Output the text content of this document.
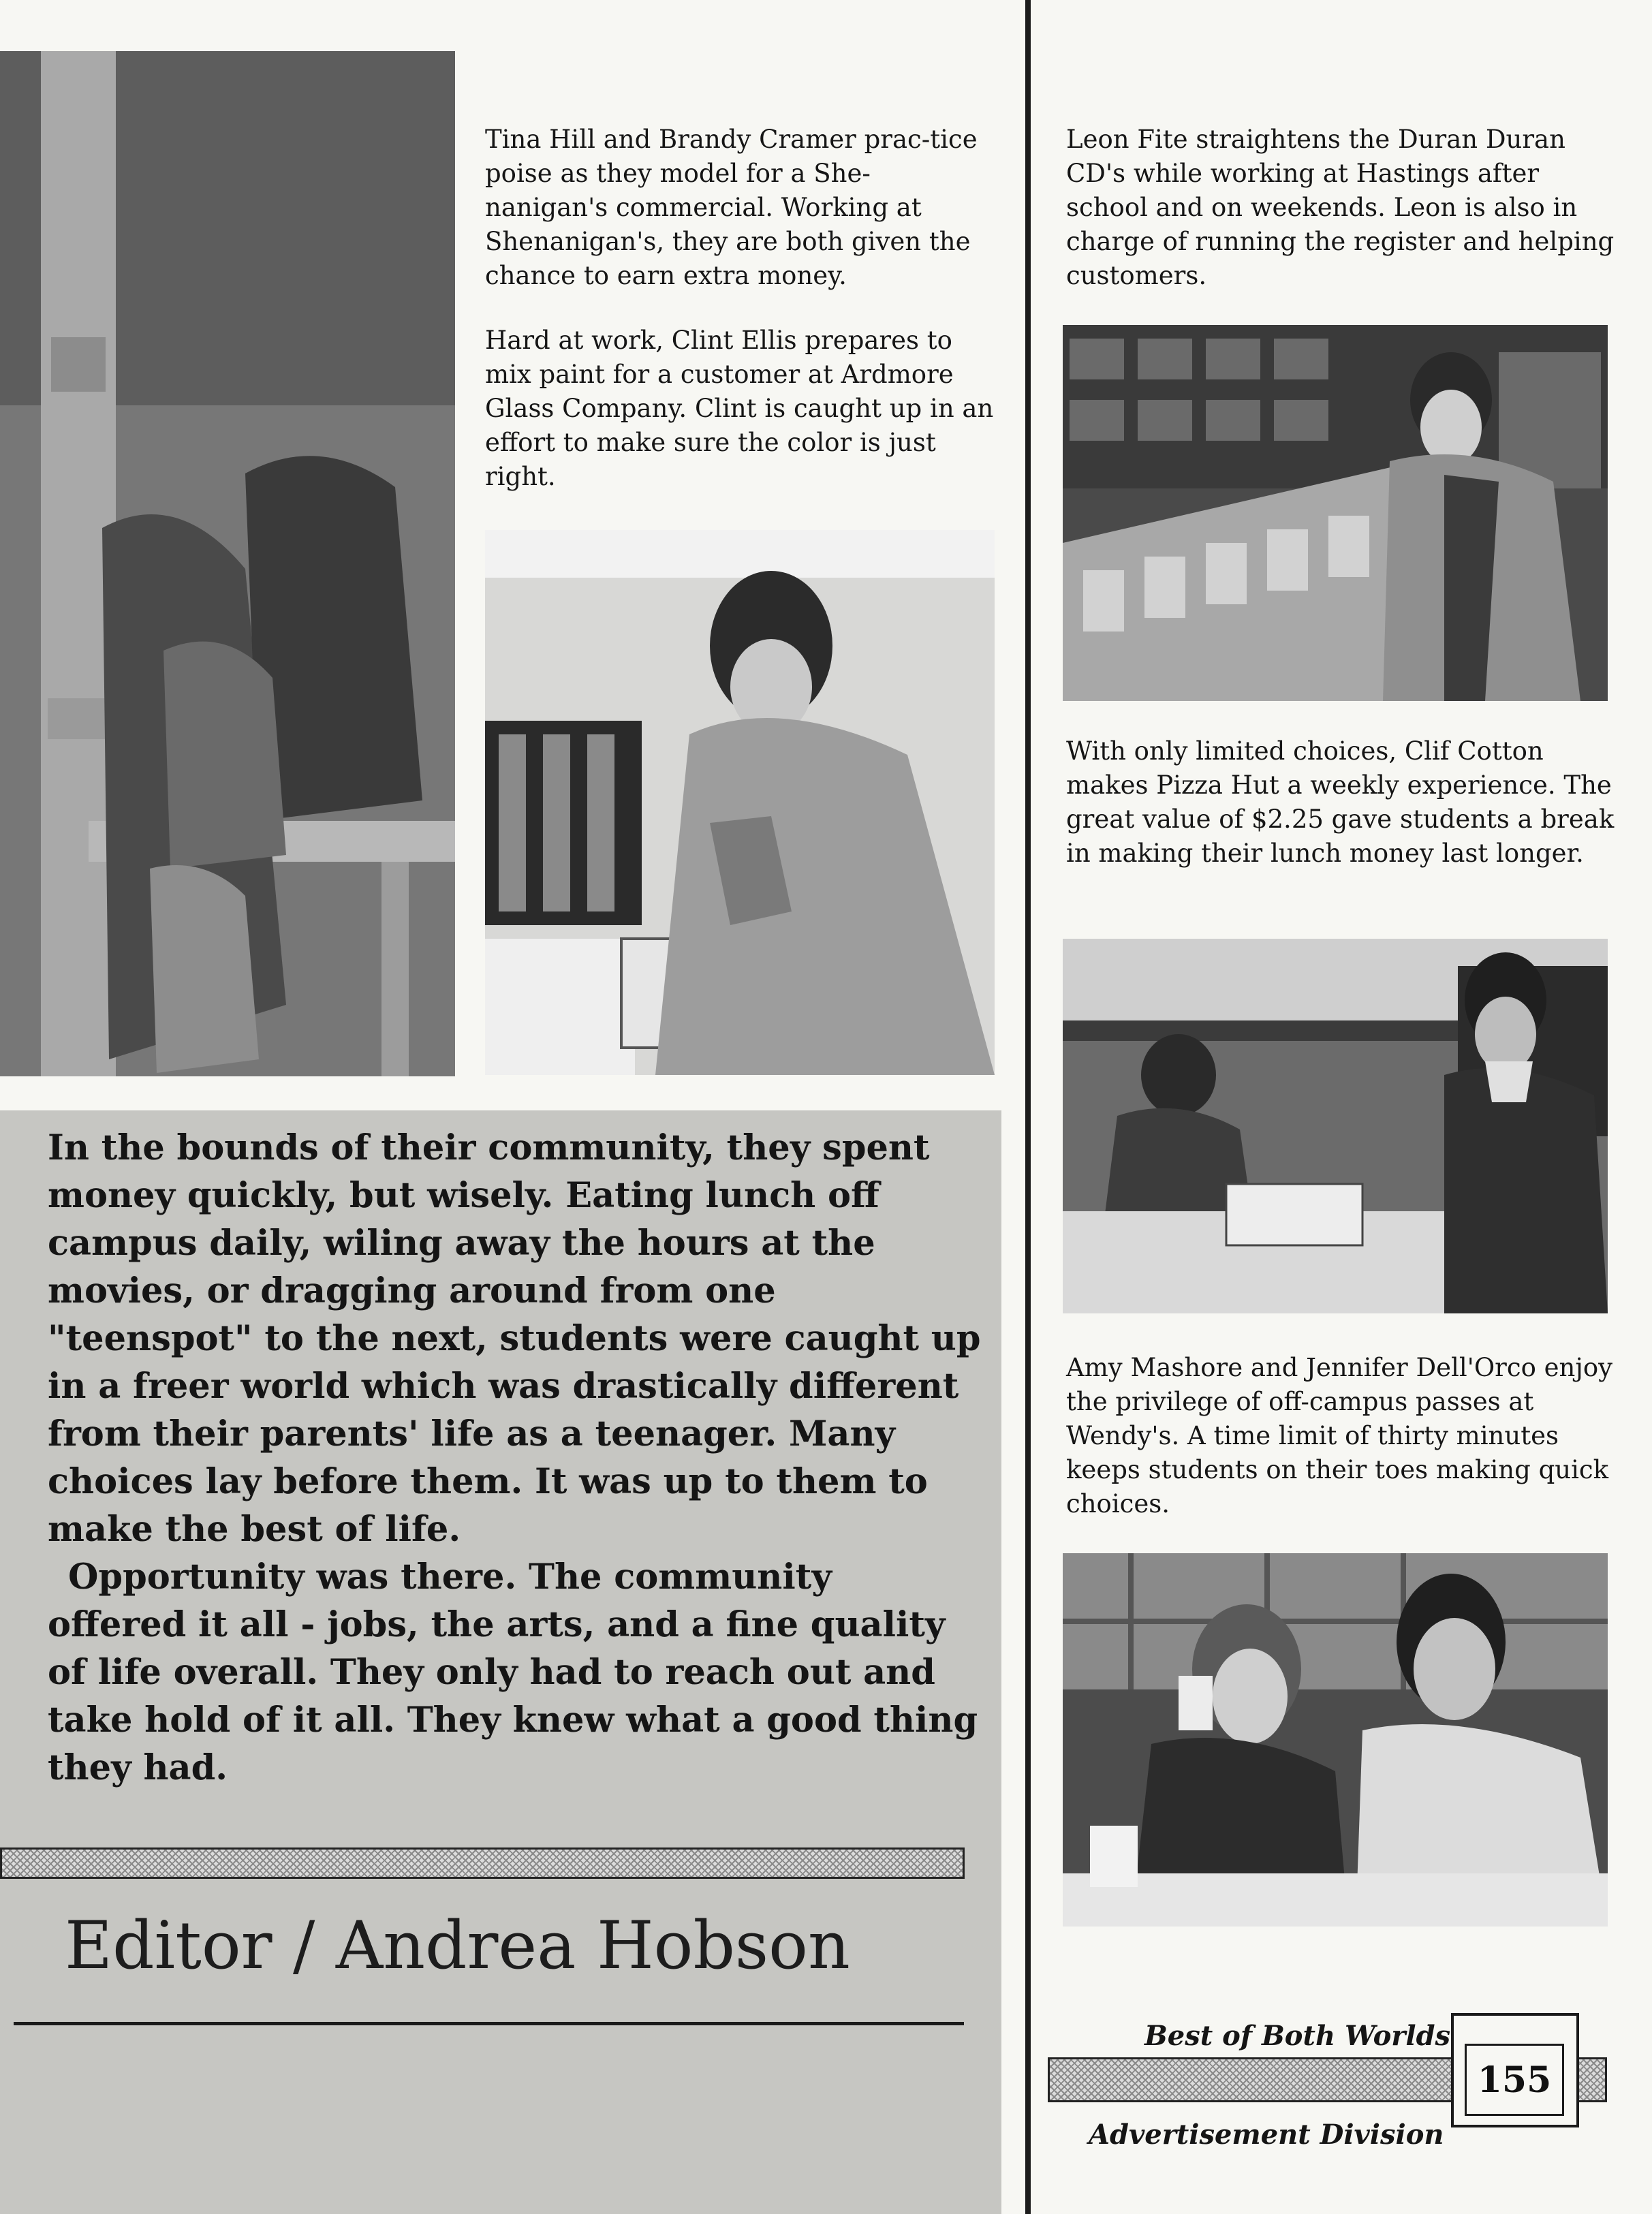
Tina Hill and Brandy Cramer prac-tice poise as they model for a She-nanigan's commercial. Working at Shenanigan's, they are both given the chance to earn extra money.

Hard at work, Clint Ellis prepares to mix paint for a customer at Ardmore Glass Company. Clint is caught up in an effort to make sure the color is just right.

Leon Fite straightens the Duran Duran CD's while working at Hastings after school and on weekends. Leon is also in charge of running the register and helping customers.

With only limited choices, Clif Cotton makes Pizza Hut a weekly experience. The great value of $2.25 gave students a break in making their lunch money last longer.

Amy Mashore and Jennifer Dell'Orco enjoy the privilege of off-campus passes at Wendy's. A time limit of thirty minutes keeps students on their toes making quick choices.

In the bounds of their community, they spent money quickly, but wisely. Eating lunch off campus daily, wiling away the hours at the movies, or dragging around from one "teenspot" to the next, students were caught up in a freer world which was drastically different from their parents' life as a teenager. Many choices lay before them. It was up to them to make the best of life.

Opportunity was there. The community offered it all - jobs, the arts, and a fine quality of life overall. They only had to reach out and take hold of it all. They knew what a good thing they had.

Editor / Andrea Hobson

Best of Both Worlds

155

Advertisement Division
